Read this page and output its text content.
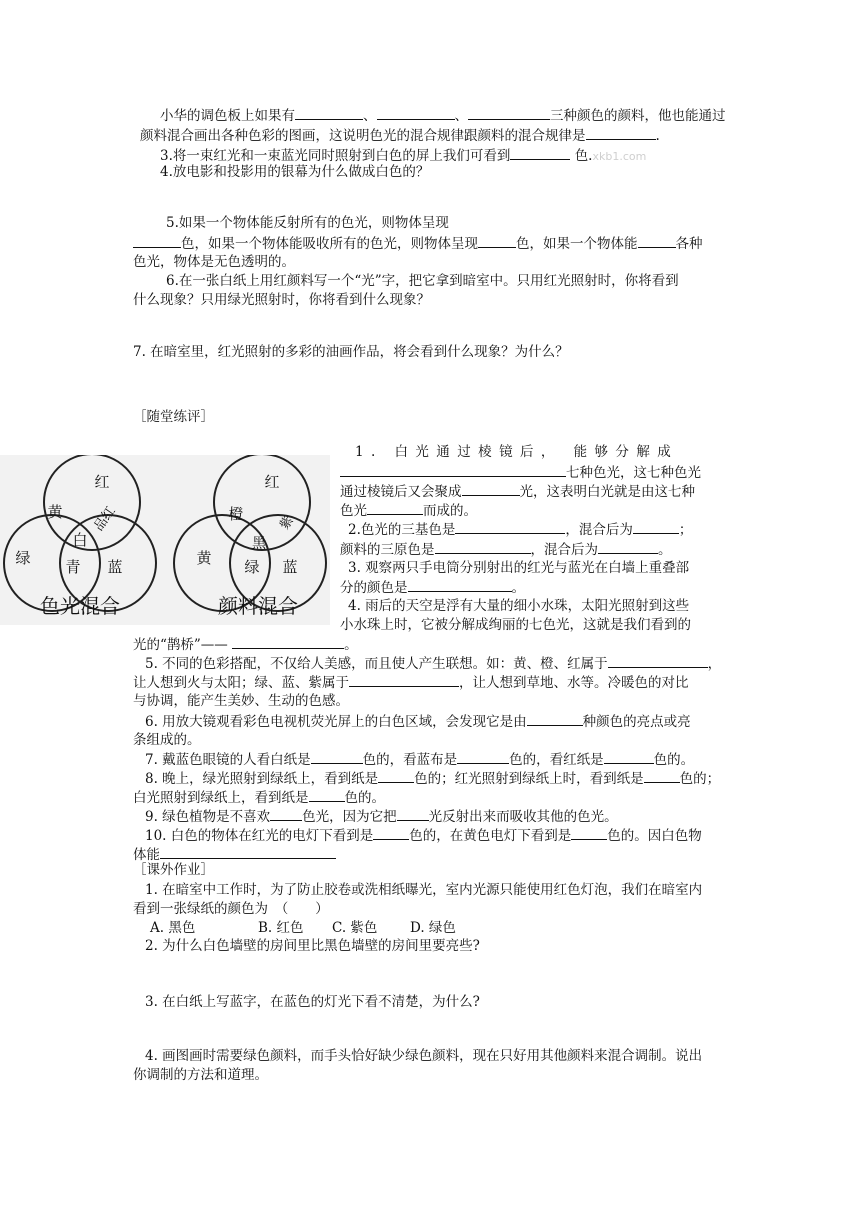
小华的调色板上如果有	、	、	三种颜色的颜料，他也能通过
颜料混合画出各种色彩的图画，这说明色光的混合规律跟颜料的混合规律是	.
3.将一束红光和一束蓝光同时照射到白色的屏上我们可看到	色.xkb1.com
4.放电影和投影用的银幕为什么做成白色的？
5.如果一个物体能反射所有的色光，则物体呈现
色，如果一个物体能吸收所有的色光，则物体呈现	色，如果一个物体能	各种
色光，物体是无色透明的。
6.在一张白纸上用红颜料写一个“光”字，把它拿到暗室中。只用红光照射时，你将看到
什么现象？只用绿光照射时，你将看到什么现象？
7. 在暗室里，红光照射的多彩的油画作品，将会看到什么现象？为什么？
［随堂练评］
红
黄 品红
白
绿 青 蓝
色光混合
红
橙	紫
黑
黄 绿 蓝
颜料混合
1. 白光通过棱镜后， 能够分解成
七种色光，这七种色光
通过棱镜后又会聚成	光，这表明白光就是由这七种
色光	而成的。
2.色光的三基色是	，混合后为	；
颜料的三原色是	，混合后为	。
3. 观察两只手电筒分别射出的红光与蓝光在白墙上重叠部
分的颜色是	。
4. 雨后的天空是浮有大量的细小水珠，太阳光照射到这些
小水珠上时，它被分解成绚丽的七色光，这就是我们看到的
光的“鹊桥”——	。
5. 不同的色彩搭配，不仅给人美感，而且使人产生联想。如：黄、橙、红属于	，
让人想到火与太阳；绿、蓝、紫属于	，让人想到草地、水等。冷暖色的对比
与协调，能产生美妙、生动的色感。
6. 用放大镜观看彩色电视机荧光屏上的白色区域，会发现它是由	种颜色的亮点或亮
条组成的。
7. 戴蓝色眼镜的人看白纸是	色的，看蓝布是	色的，看红纸是	色的。
8. 晚上，绿光照射到绿纸上，看到纸是	色的；红光照射到绿纸上时，看到纸是	色的；
白光照射到绿纸上，看到纸是	色的。
9. 绿色植物是不喜欢 色光，因为它把 光反射出来而吸收其他的色光。
10. 白色的物体在红光的电灯下看到是	色的，在黄色电灯下看到是	色的。因白色物
体能
［课外作业］
1. 在暗室中工作时，为了防止胶卷或洗相纸曝光，室内光源只能使用红色灯泡，我们在暗室内
看到一张绿纸的颜色为　（　　）
A. 黑色	B. 红色 C. 紫色 D. 绿色
2. 为什么白色墙壁的房间里比黑色墙壁的房间里要亮些?
3. 在白纸上写蓝字，在蓝色的灯光下看不清楚，为什么?
4. 画图画时需要绿色颜料，而手头恰好缺少绿色颜料，现在只好用其他颜料来混合调制。说出
你调制的方法和道理。
